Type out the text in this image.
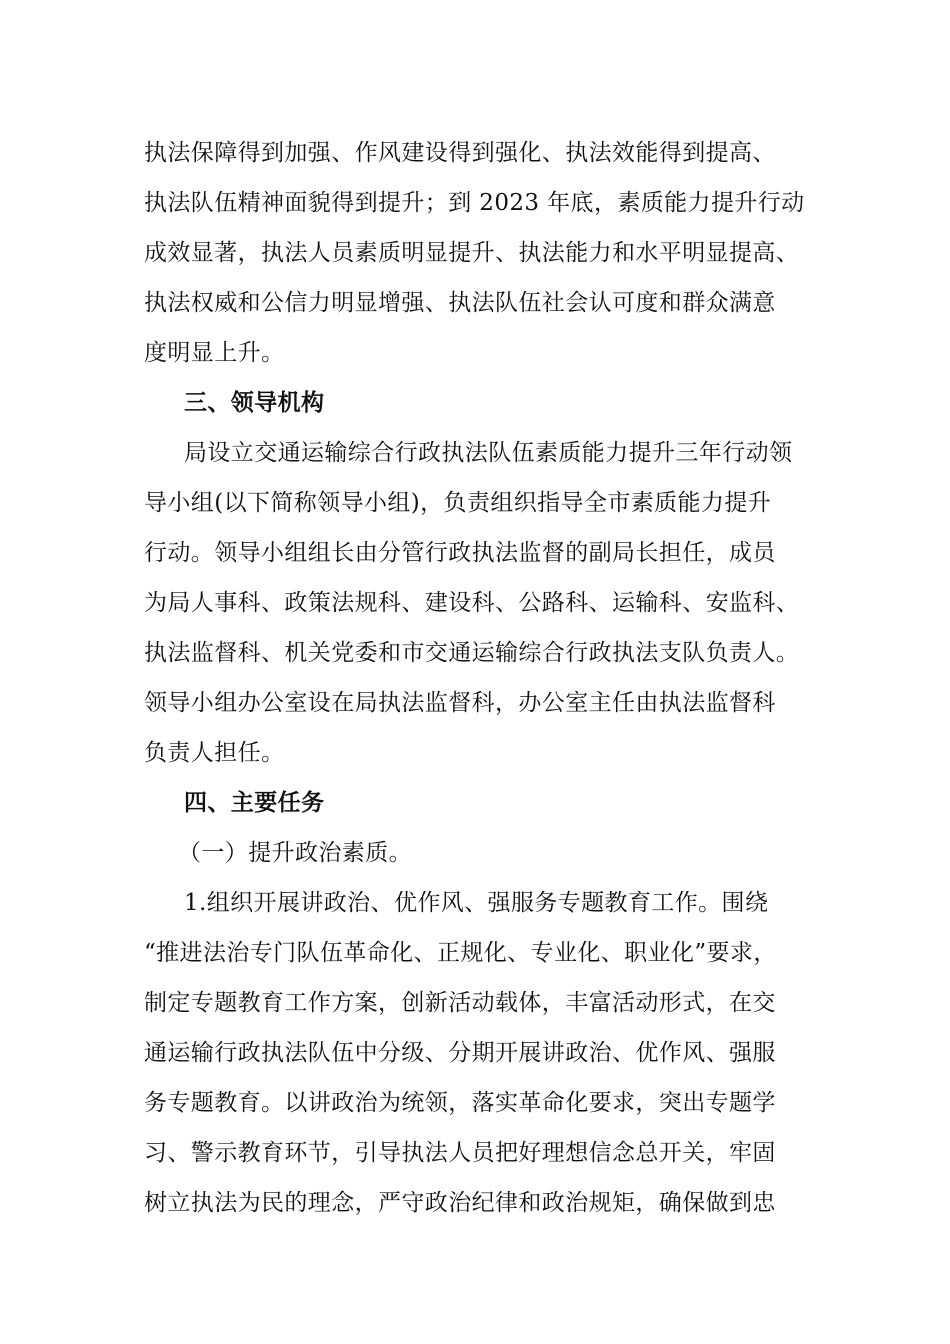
执法保障得到加强、作风建设得到强化、执法效能得到提高、
执法队伍精神面貌得到提升；到 2023 年底，素质能力提升行动
成效显著，执法人员素质明显提升、执法能力和水平明显提高、
执法权威和公信力明显增强、执法队伍社会认可度和群众满意
度明显上升。
三、领导机构
局设立交通运输综合行政执法队伍素质能力提升三年行动领
导小组(以下简称领导小组)，负责组织指导全市素质能力提升
行动。领导小组组长由分管行政执法监督的副局长担任，成员
为局人事科、政策法规科、建设科、公路科、运输科、安监科、
执法监督科、机关党委和市交通运输综合行政执法支队负责人。
领导小组办公室设在局执法监督科，办公室主任由执法监督科
负责人担任。
四、主要任务
（一）提升政治素质。
1.组织开展讲政治、优作风、强服务专题教育工作。围绕
“推进法治专门队伍革命化、正规化、专业化、职业化”要求，
制定专题教育工作方案，创新活动载体，丰富活动形式，在交
通运输行政执法队伍中分级、分期开展讲政治、优作风、强服
务专题教育。以讲政治为统领，落实革命化要求，突出专题学
习、警示教育环节，引导执法人员把好理想信念总开关，牢固
树立执法为民的理念，严守政治纪律和政治规矩，确保做到忠
